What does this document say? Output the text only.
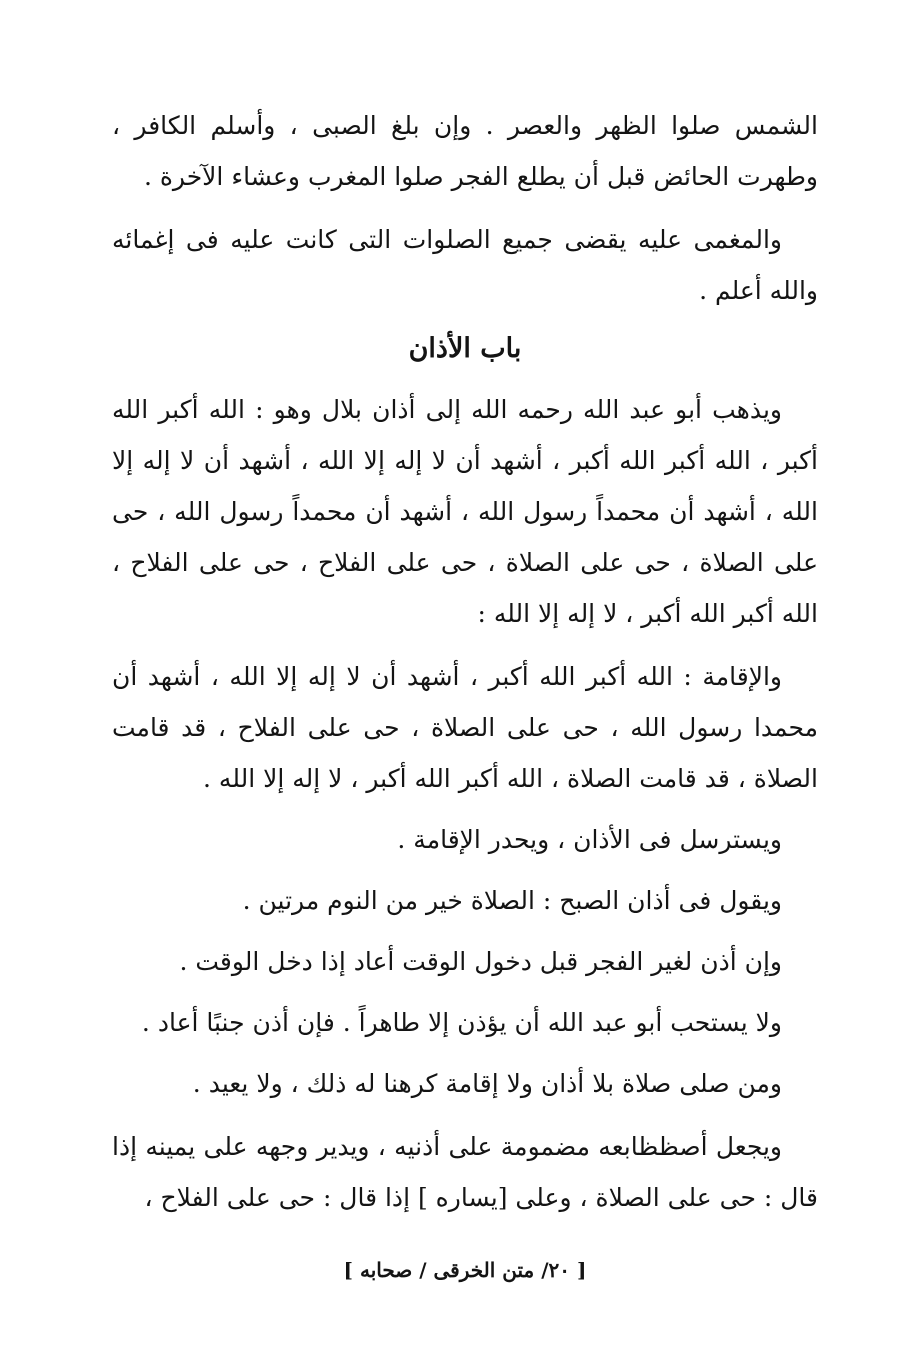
الشمس صلوا الظهر والعصر . وإن بلغ الصبى ، وأسلم الكافر ، وطهرت الحائض قبل أن يطلع الفجر صلوا المغرب وعشاء الآخرة .

والمغمى عليه يقضى جميع الصلوات التى كانت عليه فى إغمائه والله أعلم .

باب الأذان

ويذهب أبو عبد الله رحمه الله إلى أذان بلال وهو : الله أكبر الله أكبر ، الله أكبر الله أكبر ، أشهد أن لا إله إلا الله ، أشهد أن لا إله إلا الله ، أشهد أن محمداً رسول الله ، أشهد أن محمداً رسول الله ، حى على الصلاة ، حى على الصلاة ، حى على الفلاح ، حى على الفلاح ، الله أكبر الله أكبر ، لا إله إلا الله :

والإقامة : الله أكبر الله أكبر ، أشهد أن لا إله إلا الله ، أشهد أن محمدا رسول الله ، حى على الصلاة ، حى على الفلاح ، قد قامت الصلاة ، قد قامت الصلاة ، الله أكبر الله أكبر ، لا إله إلا الله .

ويسترسل فى الأذان ، ويحدر الإقامة .

ويقول فى أذان الصبح : الصلاة خير من النوم مرتين .

وإن أذن لغير الفجر قبل دخول الوقت أعاد إذا دخل الوقت .

ولا يستحب أبو عبد الله أن يؤذن إلا طاهراً . فإن أذن جنبًا أعاد .

ومن صلى صلاة بلا أذان ولا إقامة كرهنا له ذلك ، ولا يعيد .

ويجعل أصظظابعه مضمومة على أذنيه ، ويدير وجهه على يمينه إذا قال : حى على الصلاة ، وعلى [يساره ] إذا قال : حى على الفلاح ،

[ ٢٠/ متن الخرقى / صحابه ]
